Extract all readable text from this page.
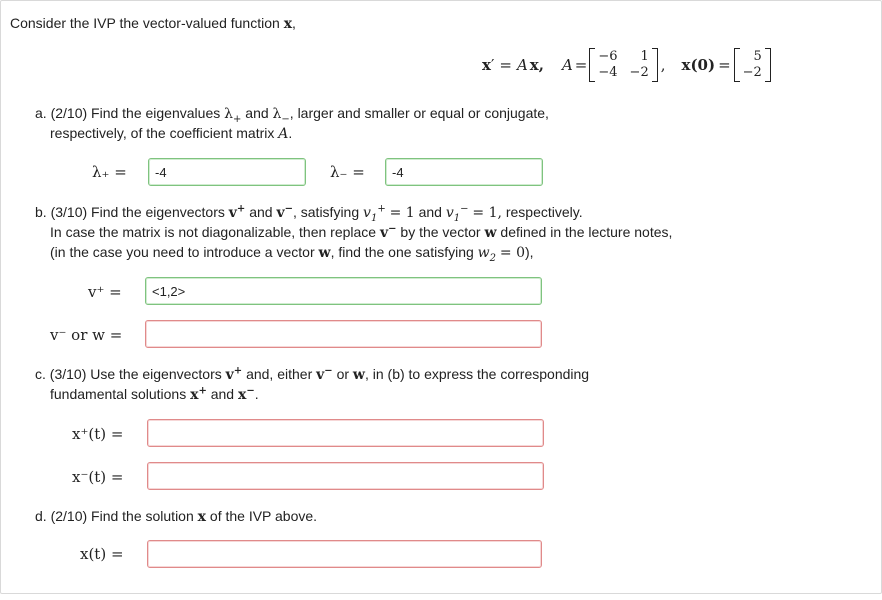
Consider the IVP the vector-valued function x,
x ′ = A x, A = −6	1
−4 −2 , x(0) =	5
−2
a. (2/10) Find the eigenvalues $\lambda_+$ and $\lambda_-$, larger and smaller or equal or conjugate,
respectively, of the coefficient matrix A.
λ₊ =
-4	λ₋ =
-4
b. (3/10) Find the eigenvectors v+ and v−, satisfying $v_1^+ = 1$ and $v_1^- = 1$, respectively.
In case the matrix is not diagonalizable, then replace v− by the vector w defined in the lecture notes,
(in the case you need to introduce a vector w, find the one satisfying $w_2 = 0$),
v⁺ =
<1,2>
v⁻ or w =
c. (3/10) Use the eigenvectors v+ and, either v− or w, in (b) to express the corresponding
fundamental solutions x+ and x−.
x⁺(t) =
x⁻(t) =
d. (2/10) Find the solution x of the IVP above.
x(t) =
